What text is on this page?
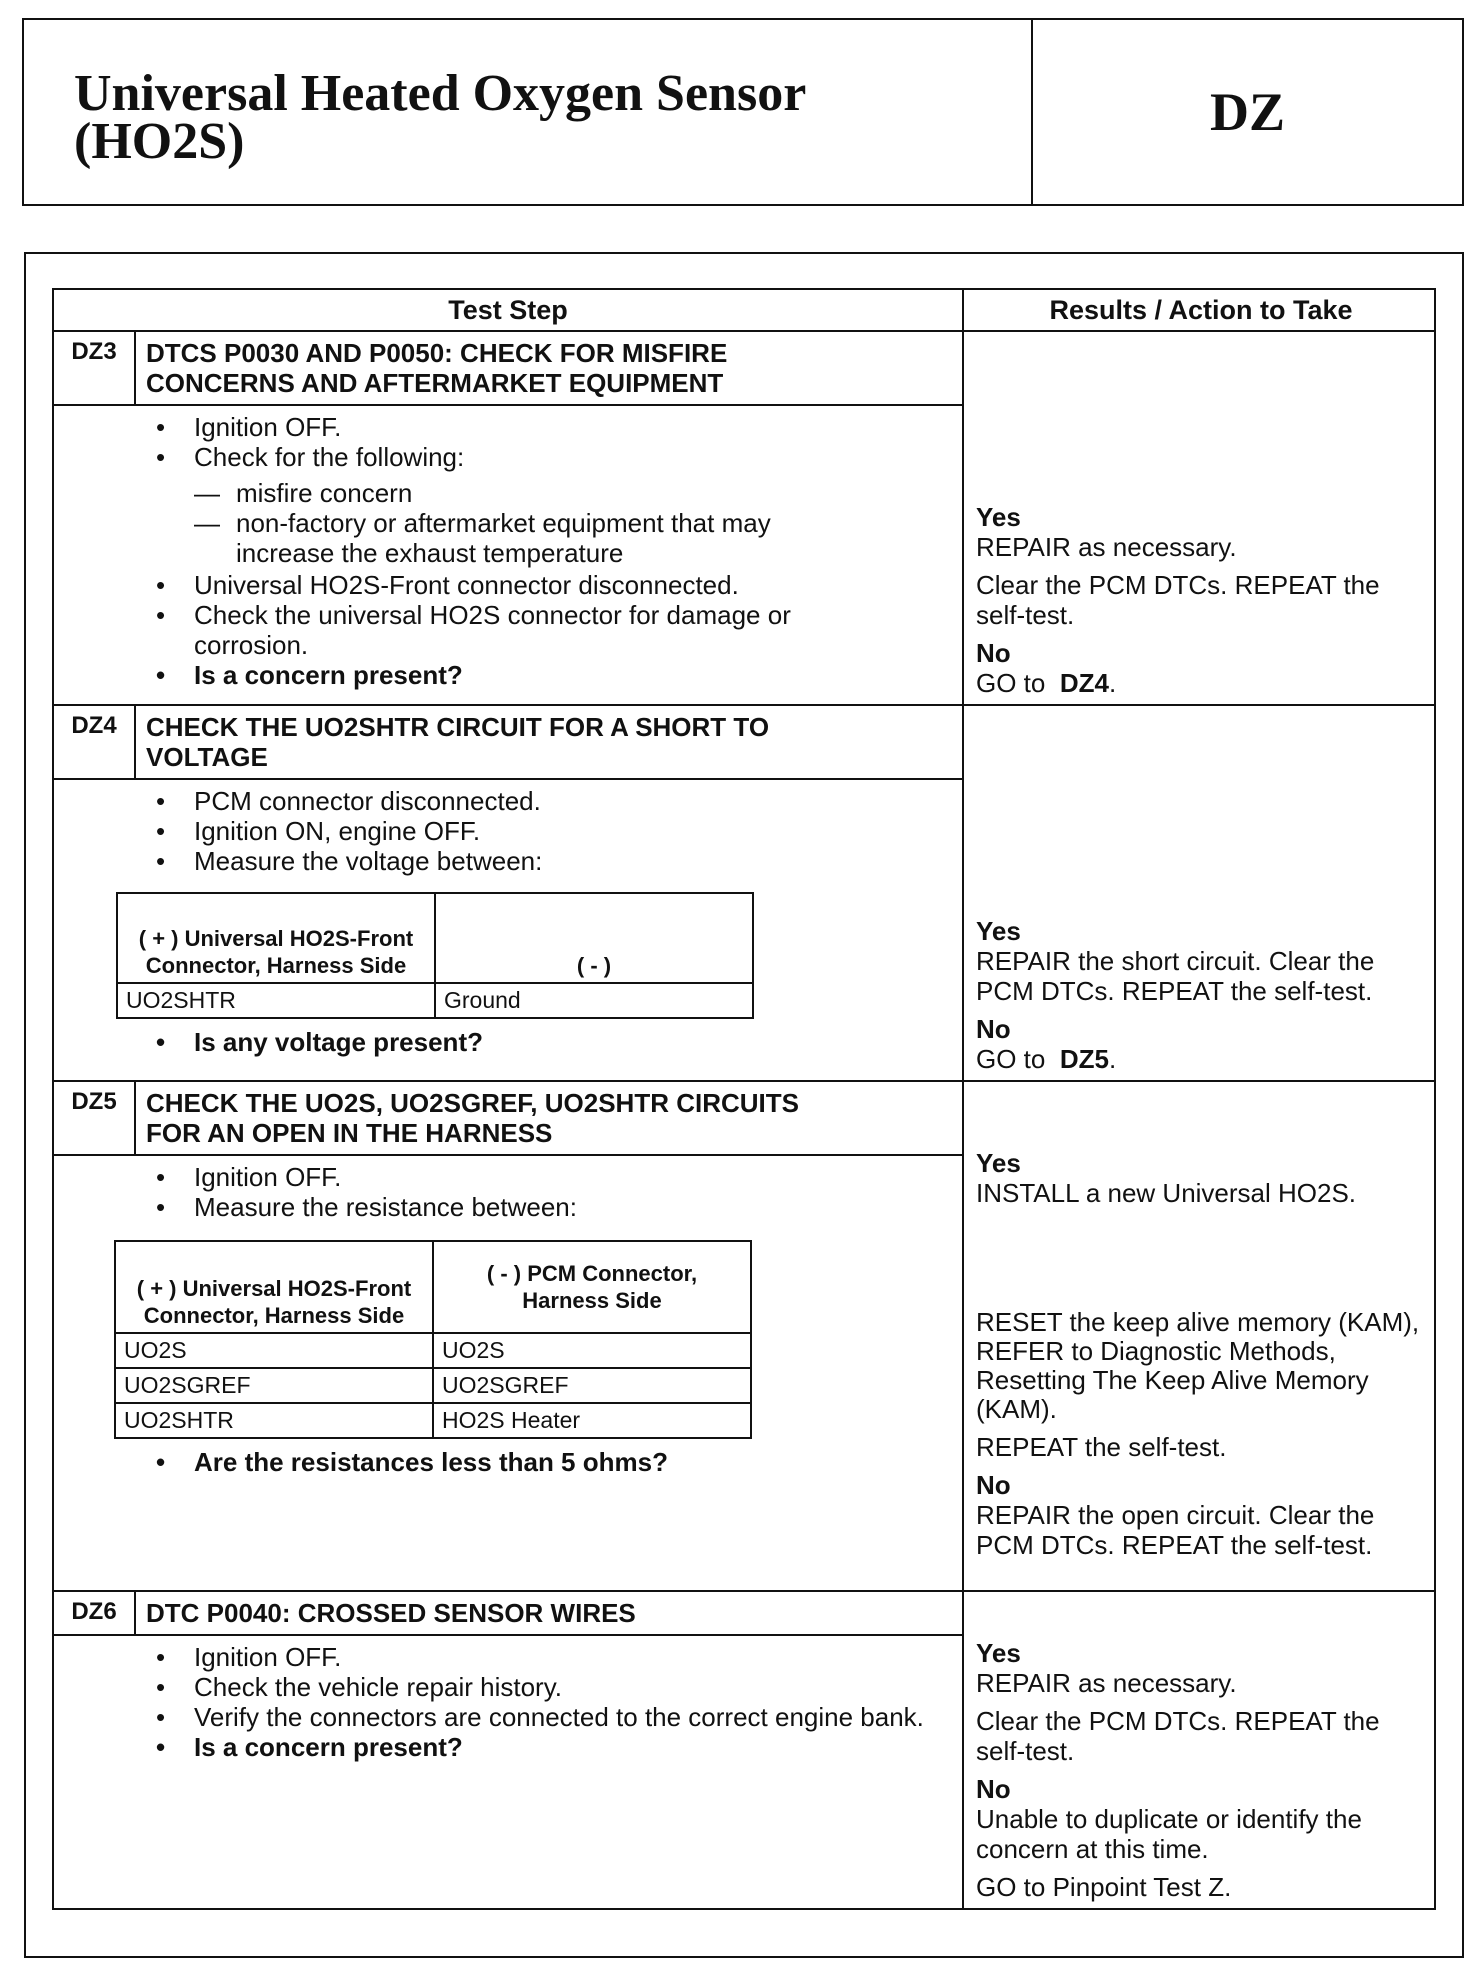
Universal Heated Oxygen Sensor
(HO2S)	DZ
Test Step	Results / Action to Take
DZ3	DTCS P0030 AND P0050: CHECK FOR MISFIRE
CONCERNS AND AFTERMARKET EQUIPMENT
• Ignition OFF.
• Check for the following:
— misfire concern
— non-factory or aftermarket equipment that may increase the exhaust temperature
• Universal HO2S-Front connector disconnected.
• Check the universal HO2S connector for damage or corrosion.
• Is a concern present?

Yes

REPAIR as necessary.

Clear the PCM DTCs. REPEAT the self-test.

No

GO to DZ4.

DZ4	CHECK THE UO2SHTR CIRCUIT FOR A SHORT TO
VOLTAGE
• PCM connector disconnected.
• Ignition ON, engine OFF.
• Measure the voltage between:
( + ) Universal HO2S-Front Connector, Harness Side	( - )
UO2SHTR	Ground
• Is any voltage present?

Yes

REPAIR the short circuit. Clear the PCM DTCs. REPEAT the self-test.

No

GO to DZ5.

DZ5	CHECK THE UO2S, UO2SGREF, UO2SHTR CIRCUITS
FOR AN OPEN IN THE HARNESS
• Ignition OFF.
• Measure the resistance between:
( + ) Universal HO2S-Front Connector, Harness Side	( - ) PCM Connector, Harness Side
UO2S	UO2S
UO2SGREF	UO2SGREF
UO2SHTR	HO2S Heater
• Are the resistances less than 5 ohms?

Yes

INSTALL a new Universal HO2S.

RESET the keep alive memory (KAM), REFER to Diagnostic Methods, Resetting The Keep Alive Memory (KAM).

REPEAT the self-test.

No

REPAIR the open circuit. Clear the PCM DTCs. REPEAT the self-test.

DZ6	DTC P0040: CROSSED SENSOR WIRES
• Ignition OFF.
• Check the vehicle repair history.
• Verify the connectors are connected to the correct engine bank.
• Is a concern present?

Yes

REPAIR as necessary.

Clear the PCM DTCs. REPEAT the self-test.

No

Unable to duplicate or identify the concern at this time.

GO to Pinpoint Test Z.
